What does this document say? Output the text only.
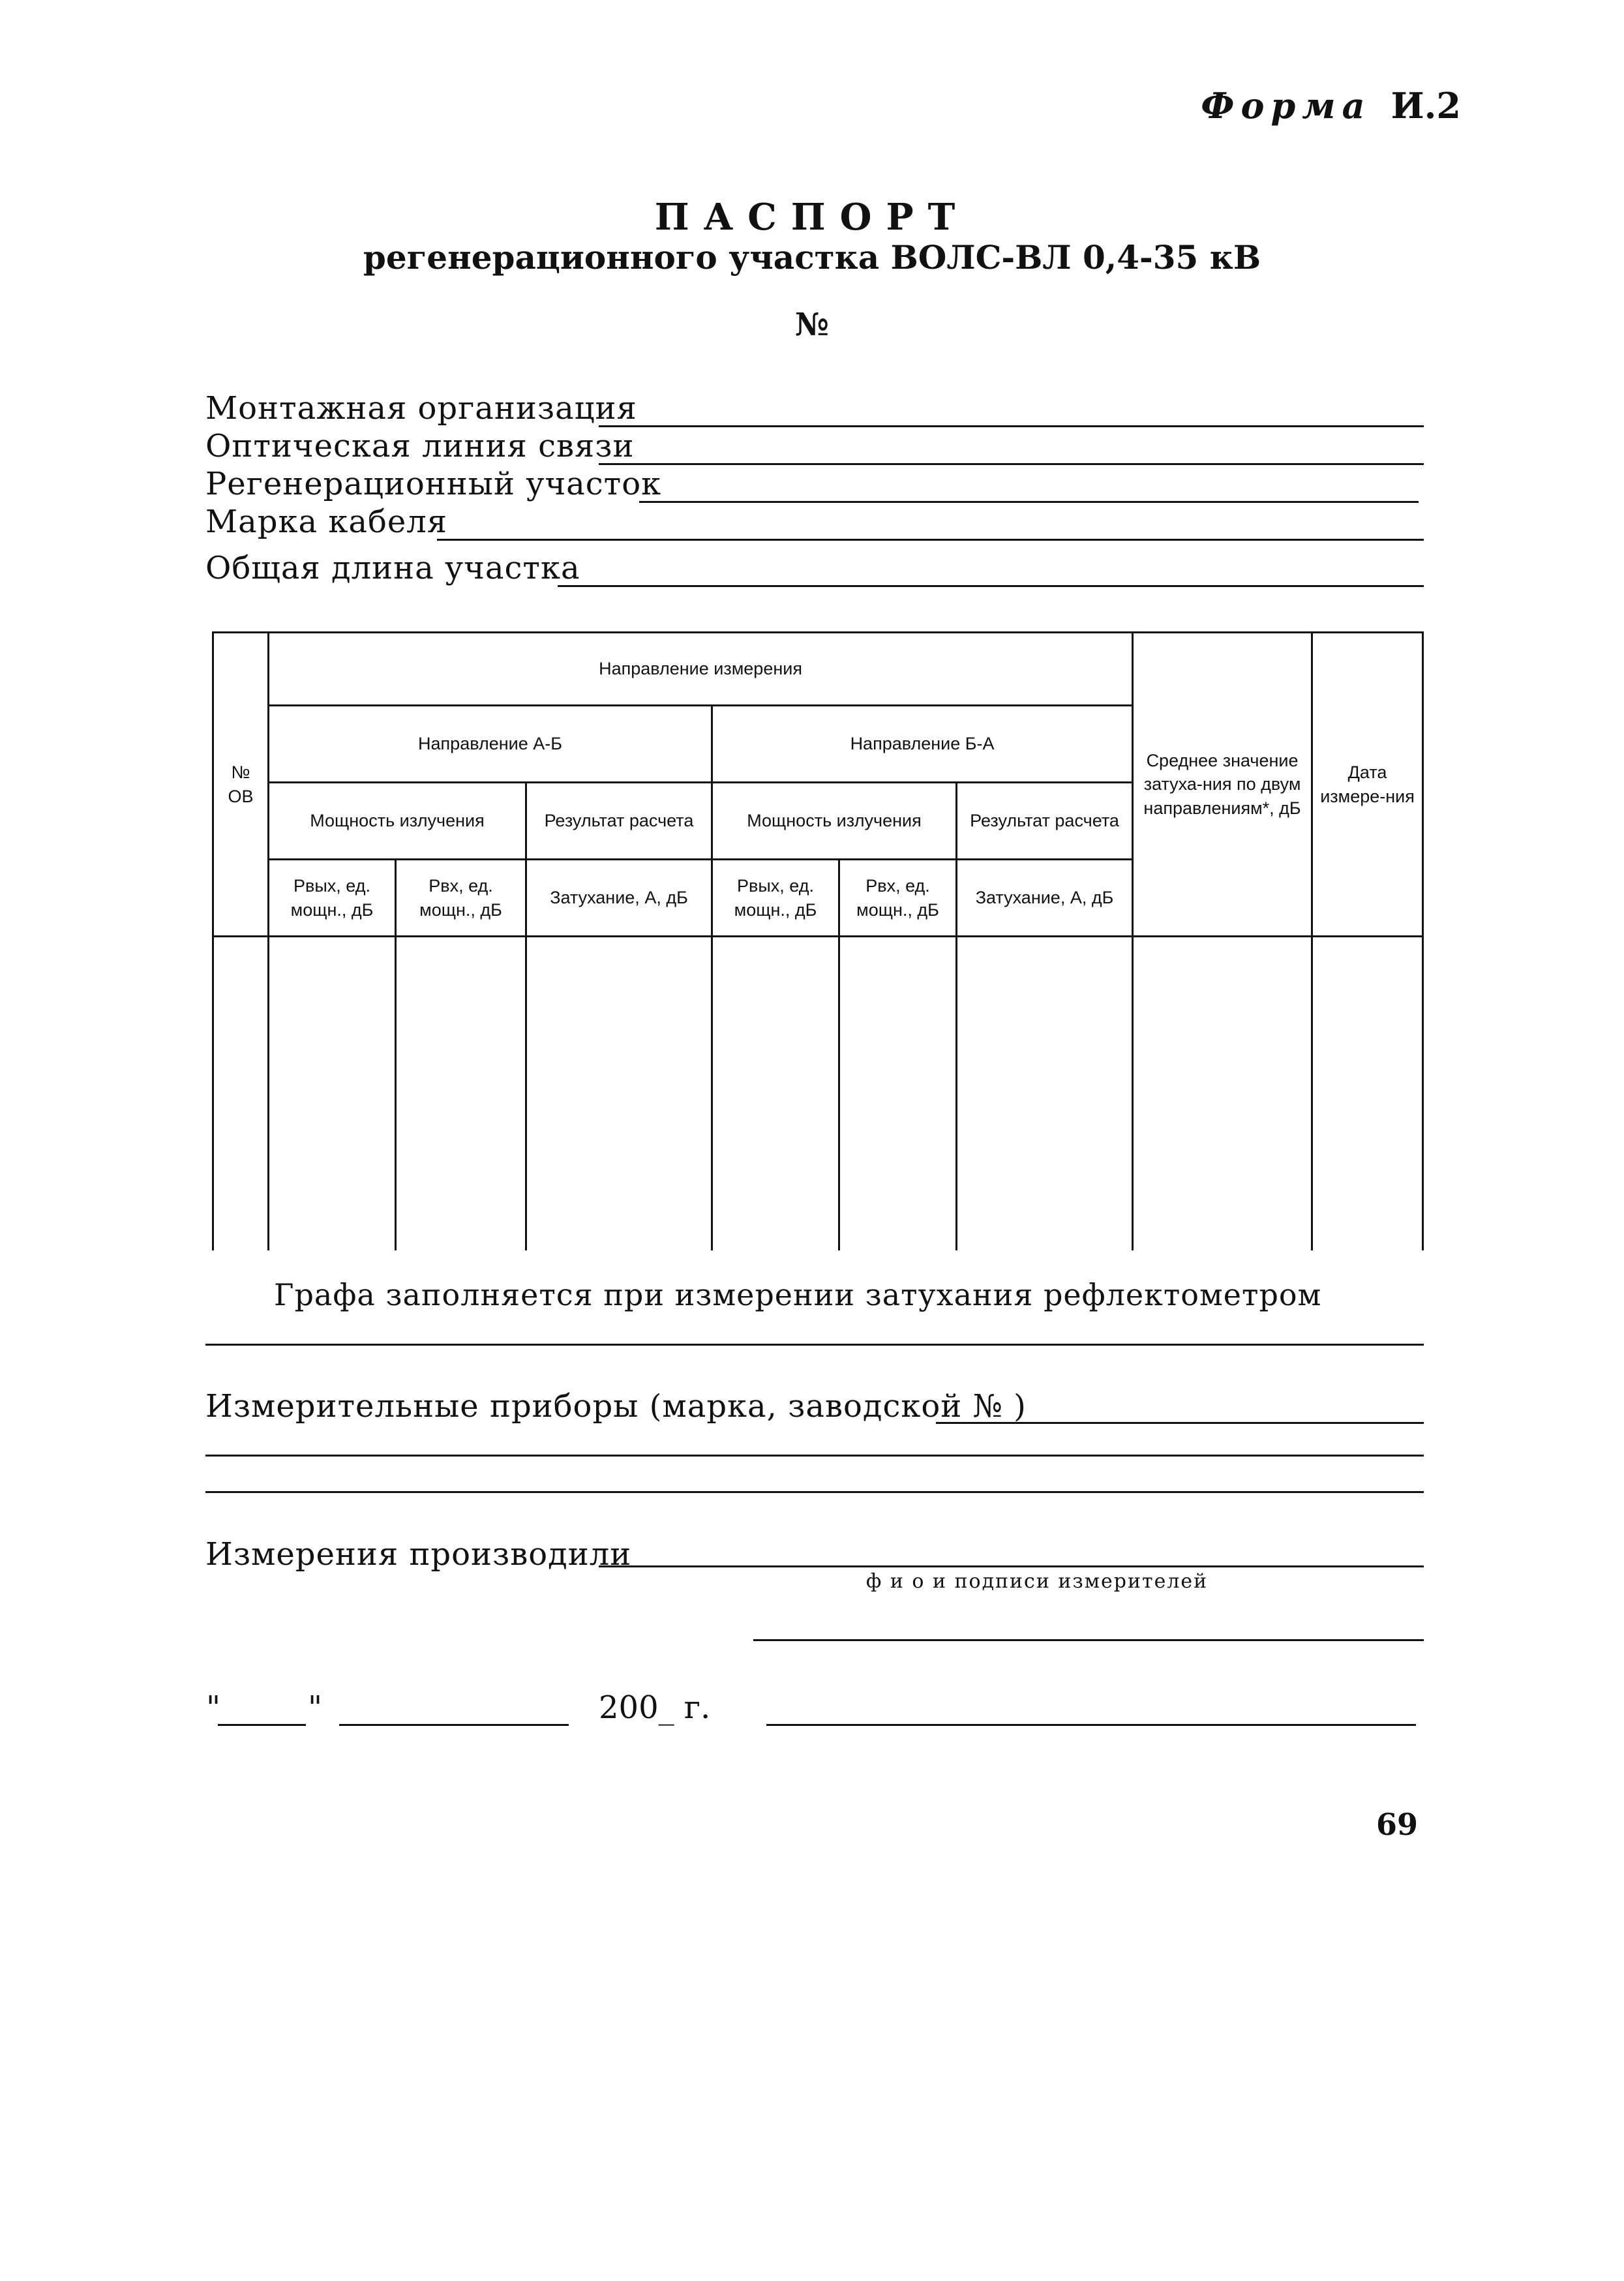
Форма И.2
ПАСПОРТ
регенерационного участка ВОЛС-ВЛ 0,4-35 кВ
№
Монтажная организация
Оптическая линия связи
Регенерационный участок
Марка кабеля
Общая длина участка
№ ОВ	Направление измерения						Среднее значение затуха-ния по двум направлениям*, дБ	Дата измере-ния
	Направление А-Б			Направление Б-А				
	Мощность излучения		Результат расчета	Мощность излучения		Результат расчета		
	Pвых, ед. мощн., дБ	Pвх, ед. мощн., дБ	Затухание, А, дБ	Pвых, ед. мощн., дБ	Pвх, ед. мощн., дБ	Затухание, А, дБ		

Графа заполняется при измерении затухания рефлектометром
Измерительные приборы (марка, заводской № )
Измерения производили
ф и о и подписи измерителей
"	"	200_ г.
69
